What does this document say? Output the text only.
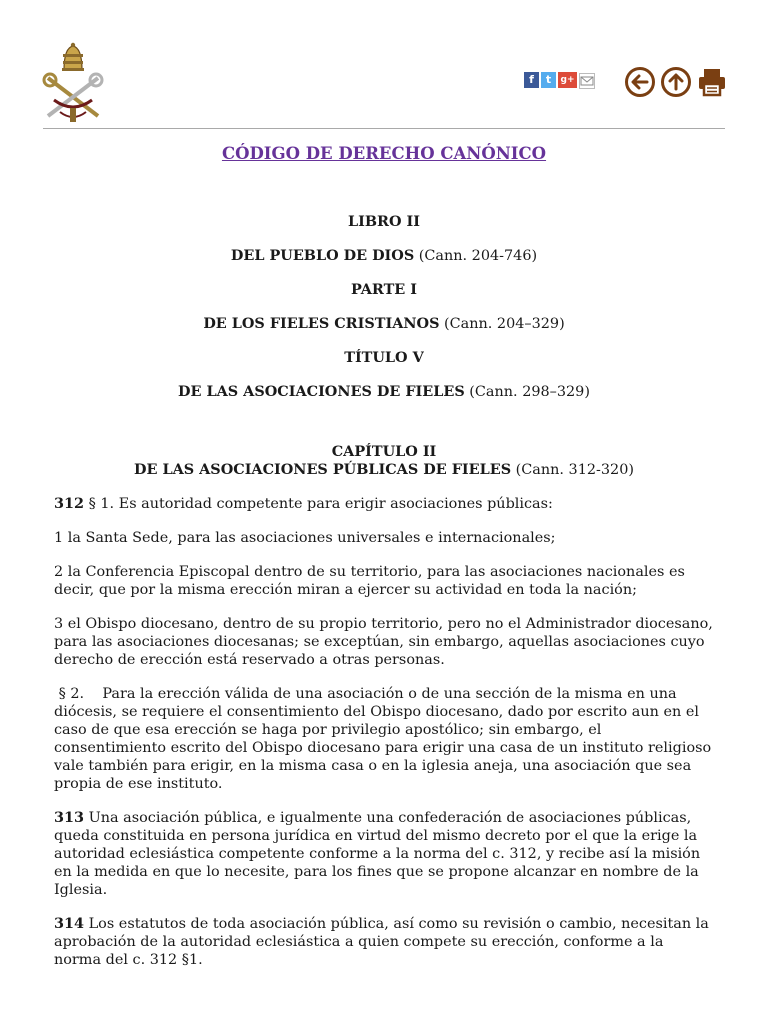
f	t	g+

CÓDIGO DE DERECHO CANÓNICO

LIBRO II

DEL PUEBLO DE DIOS (Cann. 204-746)

PARTE I

DE LOS FIELES CRISTIANOS (Cann. 204–329)

TÍTULO V

DE LAS ASOCIACIONES DE FIELES (Cann. 298–329)

CAPÍTULO II

DE LAS ASOCIACIONES PÚBLICAS DE FIELES (Cann. 312-320)

312 § 1. Es autoridad competente para erigir asociaciones públicas:

1 la Santa Sede, para las asociaciones universales e internacionales;

2 la Conferencia Episcopal dentro de su territorio, para las asociaciones nacionales es decir, que por la misma erección miran a ejercer su actividad en toda la nación;

3 el Obispo diocesano, dentro de su propio territorio, pero no el Administrador diocesano, para las asociaciones diocesanas; se exceptúan, sin embargo, aquellas asociaciones cuyo derecho de erección está reservado a otras personas.

§ 2.    Para la erección válida de una asociación o de una sección de la misma en una diócesis, se requiere el consentimiento del Obispo diocesano, dado por escrito aun en el caso de que esa erección se haga por privilegio apostólico; sin embargo, el consentimiento escrito del Obispo diocesano para erigir una casa de un instituto religioso vale también para erigir, en la misma casa o en la iglesia aneja, una asociación que sea propia de ese instituto.

313 Una asociación pública, e igualmente una confederación de asociaciones públicas, queda constituida en persona jurídica en virtud del mismo decreto por el que la erige la autoridad eclesiástica competente conforme a la norma del c. 312, y recibe así la misión en la medida en que lo necesite, para los fines que se propone alcanzar en nombre de la Iglesia.

314 Los estatutos de toda asociación pública, así como su revisión o cambio, necesitan la aprobación de la autoridad eclesiástica a quien compete su erección, conforme a la norma del c. 312 §1.
